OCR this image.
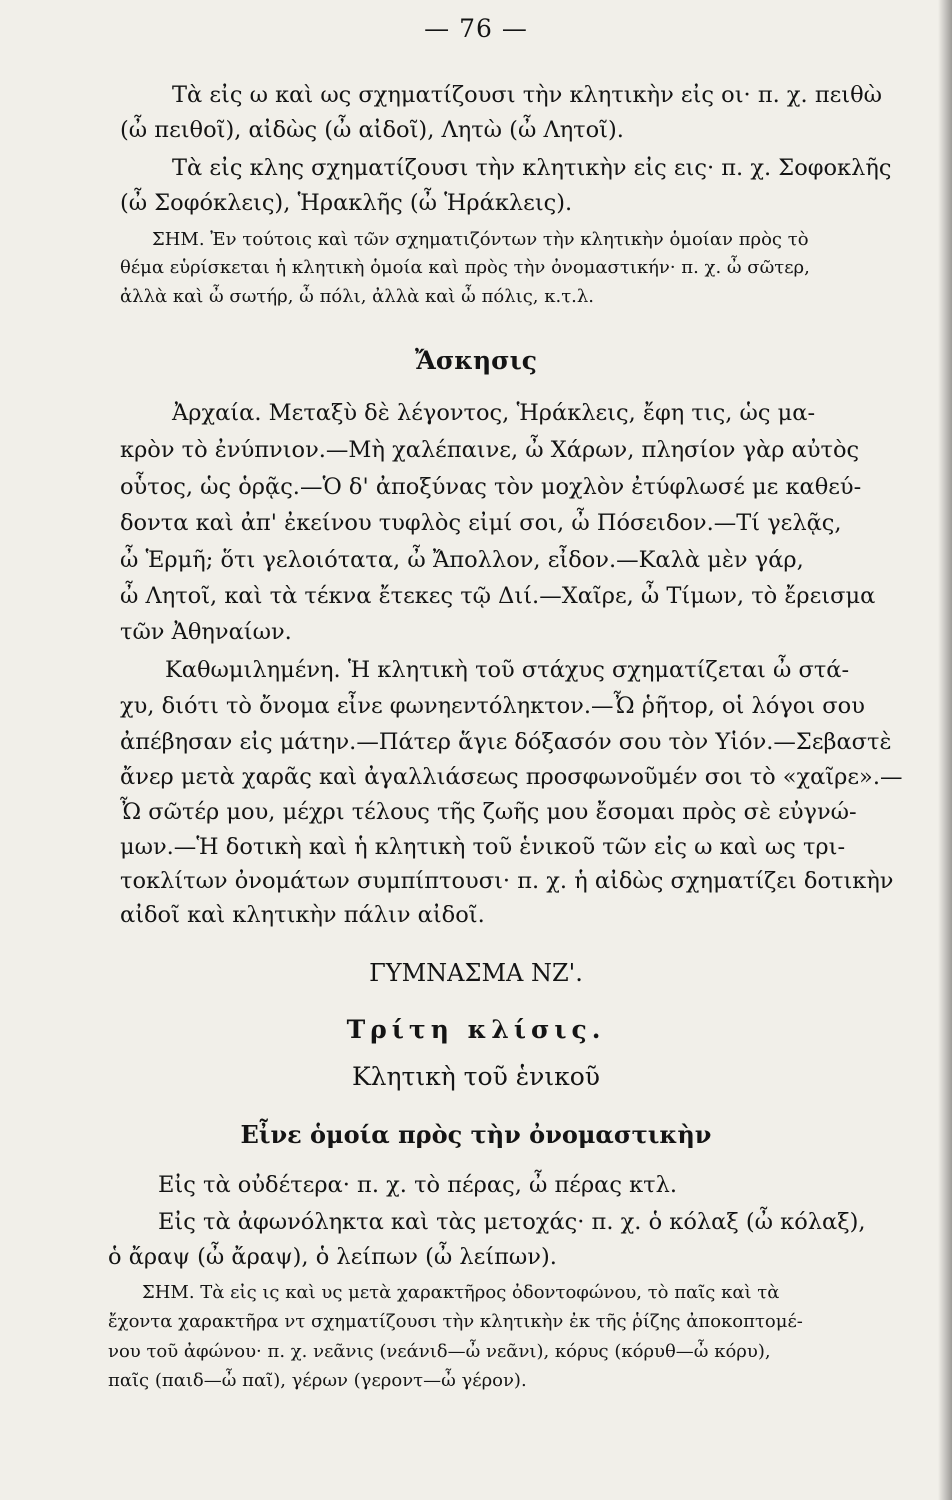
— 76 —
Τὰ εἰς ω καὶ ως σχηματίζουσι τὴν κλητικὴν εἰς οι· π. χ. πειθὼ
(ὦ πειθοῖ), αἰδὼς (ὦ αἰδοῖ), Λητὼ (ὦ Λητοῖ).
Τὰ εἰς κλης σχηματίζουσι τὴν κλητικὴν εἰς εις· π. χ. Σοφοκλῆς
(ὦ Σοφόκλεις), Ἡρακλῆς (ὦ Ἡράκλεις).
ΣΗΜ. Ἐν τούτοις καὶ τῶν σχηματιζόντων τὴν κλητικὴν ὁμοίαν πρὸς τὸ
θέμα εὑρίσκεται ἡ κλητικὴ ὁμοία καὶ πρὸς τὴν ὀνομαστικήν· π. χ. ὦ σῶτερ,
ἀλλὰ καὶ ὦ σωτήρ, ὦ πόλι, ἀλλὰ καὶ ὦ πόλις, κ.τ.λ.
Ἄσκησις
Ἀρχαία. Μεταξὺ δὲ λέγοντος, Ἡράκλεις, ἔφη τις, ὡς μα-
κρὸν τὸ ἐνύπνιον.—Μὴ χαλέπαινε, ὦ Χάρων, πλησίον γὰρ αὐτὸς
οὗτος, ὡς ὁρᾷς.—Ὁ δ' ἀποξύνας τὸν μοχλὸν ἐτύφλωσέ με καθεύ-
δοντα καὶ ἀπ' ἐκείνου τυφλὸς εἰμί σοι, ὦ Πόσειδον.—Τί γελᾷς,
ὦ Ἑρμῆ; ὅτι γελοιότατα, ὦ Ἄπολλον, εἶδον.—Καλὰ μὲν γάρ,
ὦ Λητοῖ, καὶ τὰ τέκνα ἔτεκες τῷ Διί.—Χαῖρε, ὦ Τίμων, τὸ ἔρεισμα
τῶν Ἀθηναίων.
Καθωμιλημένη. Ἡ κλητικὴ τοῦ στάχυς σχηματίζεται ὦ στά-
χυ, διότι τὸ ὄνομα εἶνε φωνηεντόληκτον.—Ὦ ῥῆτορ, οἱ λόγοι σου
ἀπέβησαν εἰς μάτην.—Πάτερ ἅγιε δόξασόν σου τὸν Υἱόν.—Σεβαστὲ
ἄνερ μετὰ χαρᾶς καὶ ἀγαλλιάσεως προσφωνοῦμέν σοι τὸ «χαῖρε».—
Ὦ σῶτέρ μου, μέχρι τέλους τῆς ζωῆς μου ἔσομαι πρὸς σὲ εὐγνώ-
μων.—Ἡ δοτικὴ καὶ ἡ κλητικὴ τοῦ ἑνικοῦ τῶν εἰς ω καὶ ως τρι-
τοκλίτων ὀνομάτων συμπίπτουσι· π. χ. ἡ αἰδὼς σχηματίζει δοτικὴν
αἰδοῖ καὶ κλητικὴν πάλιν αἰδοῖ.
ΓΥΜΝΑΣΜΑ ΝΖ'.
Τρίτη κλίσις.
Κλητικὴ τοῦ ἑνικοῦ
Εἶνε ὁμοία πρὸς τὴν ὀνομαστικὴν
Εἰς τὰ οὐδέτερα· π. χ. τὸ πέρας, ὦ πέρας κτλ.
Εἰς τὰ ἀφωνόληκτα καὶ τὰς μετοχάς· π. χ. ὁ κόλαξ (ὦ κόλαξ),
ὁ ἄραψ (ὦ ἄραψ), ὁ λείπων (ὦ λείπων).
ΣΗΜ. Τὰ εἰς ις καὶ υς μετὰ χαρακτῆρος ὀδοντοφώνου, τὸ παῖς καὶ τὰ
ἔχοντα χαρακτῆρα ντ σχηματίζουσι τὴν κλητικὴν ἐκ τῆς ῥίζης ἀποκοπτομέ-
νου τοῦ ἀφώνου· π. χ. νεᾶνις (νεάνιδ—ὦ νεᾶνι), κόρυς (κόρυθ—ὦ κόρυ),
παῖς (παιδ—ὦ παῖ), γέρων (γεροντ—ὦ γέρον).
